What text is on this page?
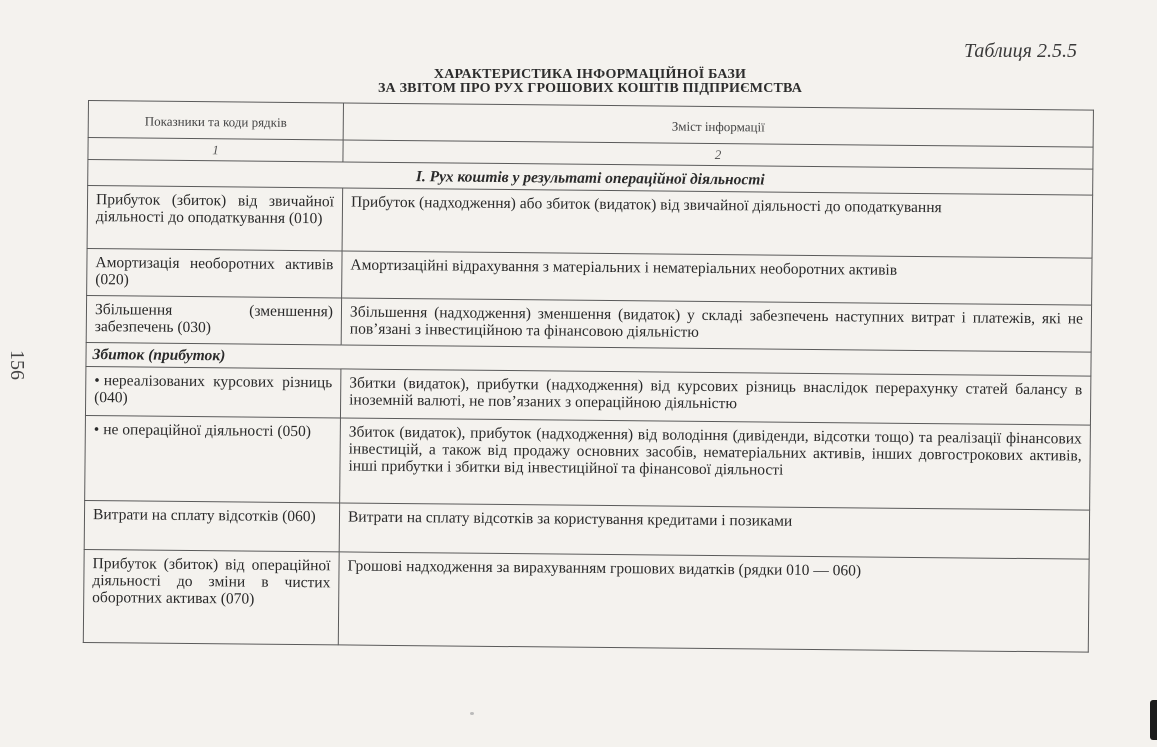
156
Таблиця 2.5.5
ХАРАКТЕРИСТИКА ІНФОРМАЦІЙНОЇ БАЗИ
ЗА ЗВІТОМ ПРО РУХ ГРОШОВИХ КОШТІВ ПІДПРИЄМСТВА
Показники та коди рядків	Зміст інформації
1	2
І. Рух коштів у результаті операційної діяльності	
Прибуток (збиток) від звичайної діяльності до оподаткування (010)	Прибуток (надходження) або збиток (видаток) від звичайної діяльності до оподаткування
Амортизація необоротних активів (020)	Амортизаційні відрахування з матеріальних і нематеріальних необоротних активів
Збільшення (зменшення) забезпечень (030)	Збільшення (надходження) зменшення (видаток) у складі забезпечень наступних витрат і платежів, які не пов’язані з інвестиційною та фінансовою діяльністю
Збиток (прибуток)	
• нереалізованих курсових різниць (040)	Збитки (видаток), прибутки (надходження) від курсових різниць внаслідок перерахунку статей балансу в іноземній валюті, не пов’язаних з операційною діяльністю
• не операційної діяльності (050)	Збиток (видаток), прибуток (надходження) від володіння (дивіденди, відсотки тощо) та реалізації фінансових інвестицій, а також від продажу основних засобів, нематеріальних активів, інших довгострокових активів, інші прибутки і збитки від інвестиційної та фінансової діяльності
Витрати на сплату відсотків (060)	Витрати на сплату відсотків за користування кредитами і позиками
Прибуток (збиток) від операційної діяльності до зміни в чистих оборотних активах (070)	Грошові надходження за вирахуванням грошових видатків (рядки 010 — 060)
